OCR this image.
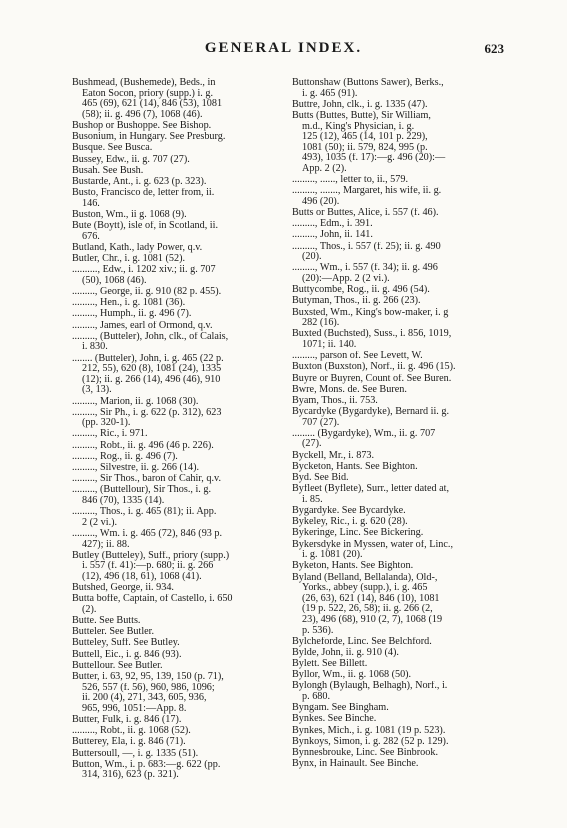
GENERAL INDEX.	623
Bushmead, (Bushemede), Beds., in
Eaton Socon, priory (supp.) i. g.
465 (69), 621 (14), 846 (53), 1081
(58); ii. g. 496 (7), 1068 (46).
Bushop or Bushoppe. See Bishop.
Busonium, in Hungary. See Presburg.
Busque. See Busca.
Bussey, Edw., ii. g. 707 (27).
Busah. See Bush.
Bustarde, Ant., i. g. 623 (p. 323).
Busto, Francisco de, letter from, ii.
146.
Buston, Wm., ii g. 1068 (9).
Bute (Boytt), isle of, in Scotland, ii.
676.
Butland, Kath., lady Power, q.v.
Butler, Chr., i. g. 1081 (52).
.........., Edw., i. 1202 xiv.; ii. g. 707
(50), 1068 (46).
........., George, ii. g. 910 (82 p. 455).
........., Hen., i. g. 1081 (36).
........., Humph., ii. g. 496 (7).
........., James, earl of Ormond, q.v.
........., (Butteler), John, clk., of Calais,
i. 830.
........ (Butteler), John, i. g. 465 (22 p.
212, 55), 620 (8), 1081 (24), 1335
(12); ii. g. 266 (14), 496 (46), 910
(3, 13).
........., Marion, ii. g. 1068 (30).
........., Sir Ph., i. g. 622 (p. 312), 623
(pp. 320-1).
........., Ric., i. 971.
........., Robt., ii. g. 496 (46 p. 226).
........., Rog., ii. g. 496 (7).
........., Silvestre, ii. g. 266 (14).
........., Sir Thos., baron of Cahir, q.v.
........., (Buttellour), Sir Thos., i. g.
846 (70), 1335 (14).
........., Thos., i. g. 465 (81); ii. App.
2 (2 vi.).
........., Wm. i. g. 465 (72), 846 (93 p.
427); ii. 88.
Butley (Butteley), Suff., priory (supp.)
i. 557 (f. 41):—p. 680; ii. g. 266
(12), 496 (18, 61), 1068 (41).
Butshed, George, ii. 934.
Butta boffe, Captain, of Castello, i. 650
(2).
Butte. See Butts.
Butteler. See Butler.
Butteley, Suff. See Butley.
Buttell, Eic., i. g. 846 (93).
Buttellour. See Butler.
Butter, i. 63, 92, 95, 139, 150 (p. 71),
526, 557 (f. 56), 960, 986, 1096;
ii. 200 (4), 271, 343, 605, 936,
965, 996, 1051:—App. 8.
Butter, Fulk, i. g. 846 (17).
........., Robt., ii. g. 1068 (52).
Butterey, Ela, i. g. 846 (71).
Buttersoull, —, i. g. 1335 (51).
Button, Wm., i. p. 683:—g. 622 (pp.
314, 316), 623 (p. 321).
Buttonshaw (Buttons Sawer), Berks.,
i. g. 465 (91).
Buttre, John, clk., i. g. 1335 (47).
Butts (Buttes, Butte), Sir William,
m.d., King's Physician, i. g.
125 (12), 465 (14, 101 p. 229),
1081 (50); ii. 579, 824, 995 (p.
493), 1035 (f. 17):—g. 496 (20):—
App. 2 (2).
........., ......, letter to, ii., 579.
........., ......., Margaret, his wife, ii. g.
496 (20).
Butts or Buttes, Alice, i. 557 (f. 46).
........., Edm., i. 391.
........., John, ii. 141.
........., Thos., i. 557 (f. 25); ii. g. 490
(20).
........., Wm., i. 557 (f. 34); ii. g. 496
(20):—App. 2 (2 vi.).
Buttycombe, Rog., ii. g. 496 (54).
Butyman, Thos., ii. g. 266 (23).
Buxsted, Wm., King's bow-maker, i. g
282 (16).
Buxted (Buchsted), Suss., i. 856, 1019,
1071; ii. 140.
........., parson of. See Levett, W.
Buxton (Buxston), Norf., ii. g. 496 (15).
Buyre or Buyren, Count of. See Buren.
Bwre, Mons. de. See Buren.
Byam, Thos., ii. 753.
Bycardyke (Bygardyke), Bernard ii. g.
707 (27).
......... (Bygardyke), Wm., ii. g. 707
(27).
Byckell, Mr., i. 873.
Bycketon, Hants. See Bighton.
Byd. See Bid.
Byfleet (Byflete), Surr., letter dated at,
i. 85.
Bygardyke. See Bycardyke.
Bykeley, Ric., i. g. 620 (28).
Bykeringe, Linc. See Bickering.
Bykersdyke in Myssen, water of, Linc.,
i. g. 1081 (20).
Byketon, Hants. See Bighton.
Byland (Belland, Bellalanda), Old-,
Yorks., abbey (supp.), i. g. 465
(26, 63), 621 (14), 846 (10), 1081
(19 p. 522, 26, 58); ii. g. 266 (2,
23), 496 (68), 910 (2, 7), 1068 (19
p. 536).
Bylcheforde, Linc. See Belchford.
Bylde, John, ii. g. 910 (4).
Bylett. See Billett.
Byllor, Wm., ii. g. 1068 (50).
Bylongh (Bylaugh, Belhagh), Norf., i.
p. 680.
Byngam. See Bingham.
Bynkes. See Binche.
Bynkes, Mich., i. g. 1081 (19 p. 523).
Bynkoys, Simon, i. g. 282 (52 p. 129).
Bynnesbrouke, Linc. See Binbrook.
Bynx, in Hainault. See Binche.
